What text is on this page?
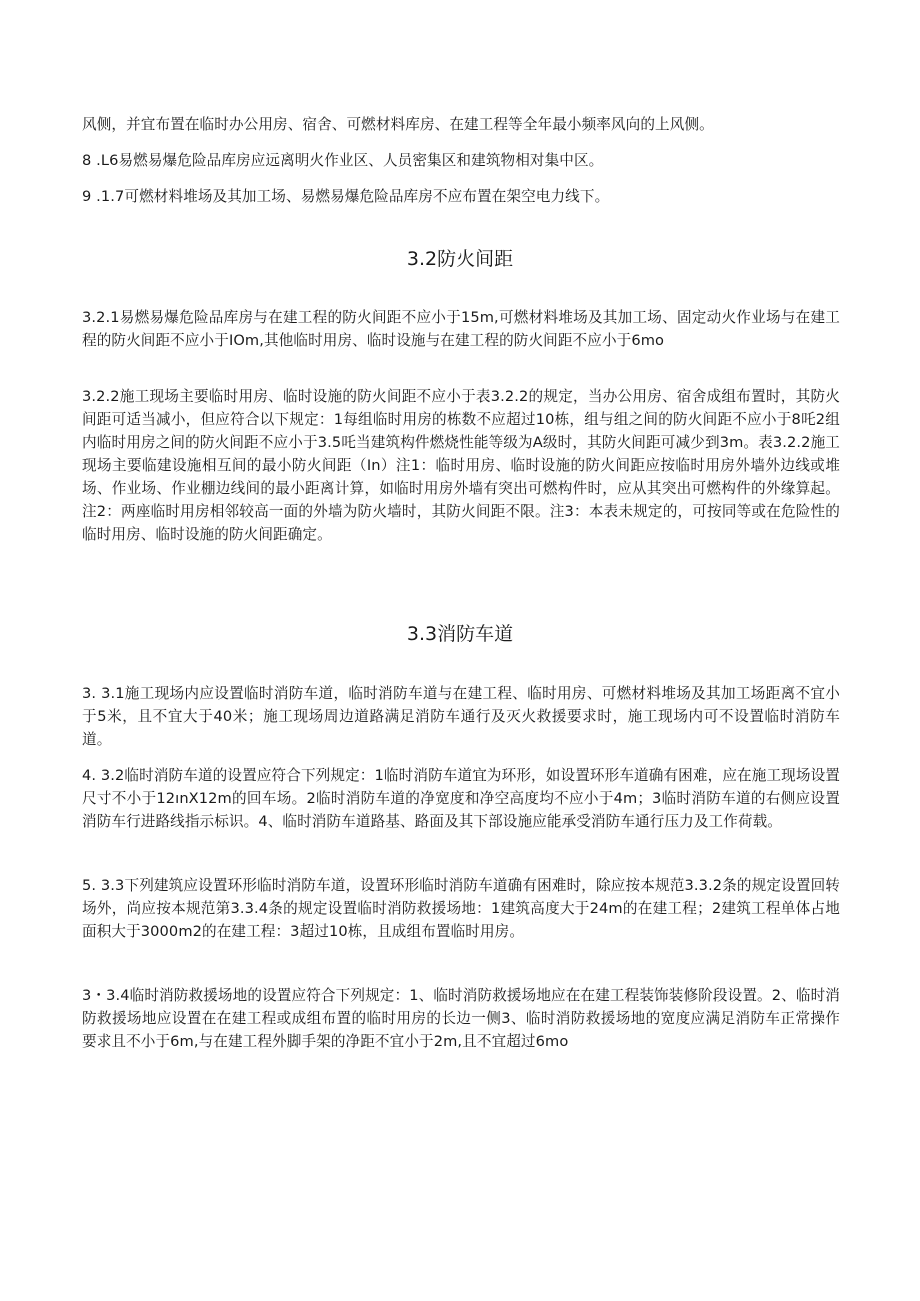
风侧，并宜布置在临时办公用房、宿舍、可燃材料库房、在建工程等全年最小频率风向的上风侧。

8 .L6易燃易爆危险品库房应远离明火作业区、人员密集区和建筑物相对集中区。

9 .1.7可燃材料堆场及其加工场、易燃易爆危险品库房不应布置在架空电力线下。

3.2防火间距

3.2.1易燃易爆危险品库房与在建工程的防火间距不应小于15m,可燃材料堆场及其加工场、固定动火作业场与在建工程的防火间距不应小于IOm,其他临时用房、临时设施与在建工程的防火间距不应小于6mo

3.2.2施工现场主要临时用房、临时设施的防火间距不应小于表3.2.2的规定，当办公用房、宿舍成组布置时，其防火间距可适当减小，但应符合以下规定：1每组临时用房的栋数不应超过10栋，组与组之间的防火间距不应小于8吒2组内临时用房之间的防火间距不应小于3.5吒当建筑构件燃烧性能等级为A级时，其防火间距可减少到3m。表3.2.2施工现场主要临建设施相互间的最小防火间距（In）注1：临时用房、临时设施的防火间距应按临时用房外墙外边线或堆场、作业场、作业棚边线间的最小距离计算，如临时用房外墙有突出可燃构件时，应从其突出可燃构件的外缘算起。注2：两座临时用房相邻较高一面的外墙为防火墙时，其防火间距不限。注3：本表未规定的，可按同等或在危险性的临时用房、临时设施的防火间距确定。

3.3消防车道

3. 3.1施工现场内应设置临时消防车道，临时消防车道与在建工程、临时用房、可燃材料堆场及其加工场距离不宜小于5米，且不宜大于40米；施工现场周边道路满足消防车通行及灭火救援要求时，施工现场内可不设置临时消防车道。

4. 3.2临时消防车道的设置应符合下列规定：1临时消防车道宜为环形，如设置环形车道确有困难，应在施工现场设置尺寸不小于12ınX12m的回车场。2临时消防车道的净宽度和净空高度均不应小于4m；3临时消防车道的右侧应设置消防车行进路线指示标识。4、临时消防车道路基、路面及其下部设施应能承受消防车通行压力及工作荷载。

5. 3.3下列建筑应设置环形临时消防车道，设置环形临时消防车道确有困难时，除应按本规范3.3.2条的规定设置回转场外，尚应按本规范第3.3.4条的规定设置临时消防救援场地：1建筑高度大于24m的在建工程；2建筑工程单体占地面积大于3000m2的在建工程：3超过10栋，且成组布置临时用房。

3・3.4临时消防救援场地的设置应符合下列规定：1、临时消防救援场地应在在建工程装饰装修阶段设置。2、临时消防救援场地应设置在在建工程或成组布置的临时用房的长边一侧3、临时消防救援场地的宽度应满足消防车正常操作要求且不小于6m,与在建工程外脚手架的净距不宜小于2m,且不宜超过6mo
